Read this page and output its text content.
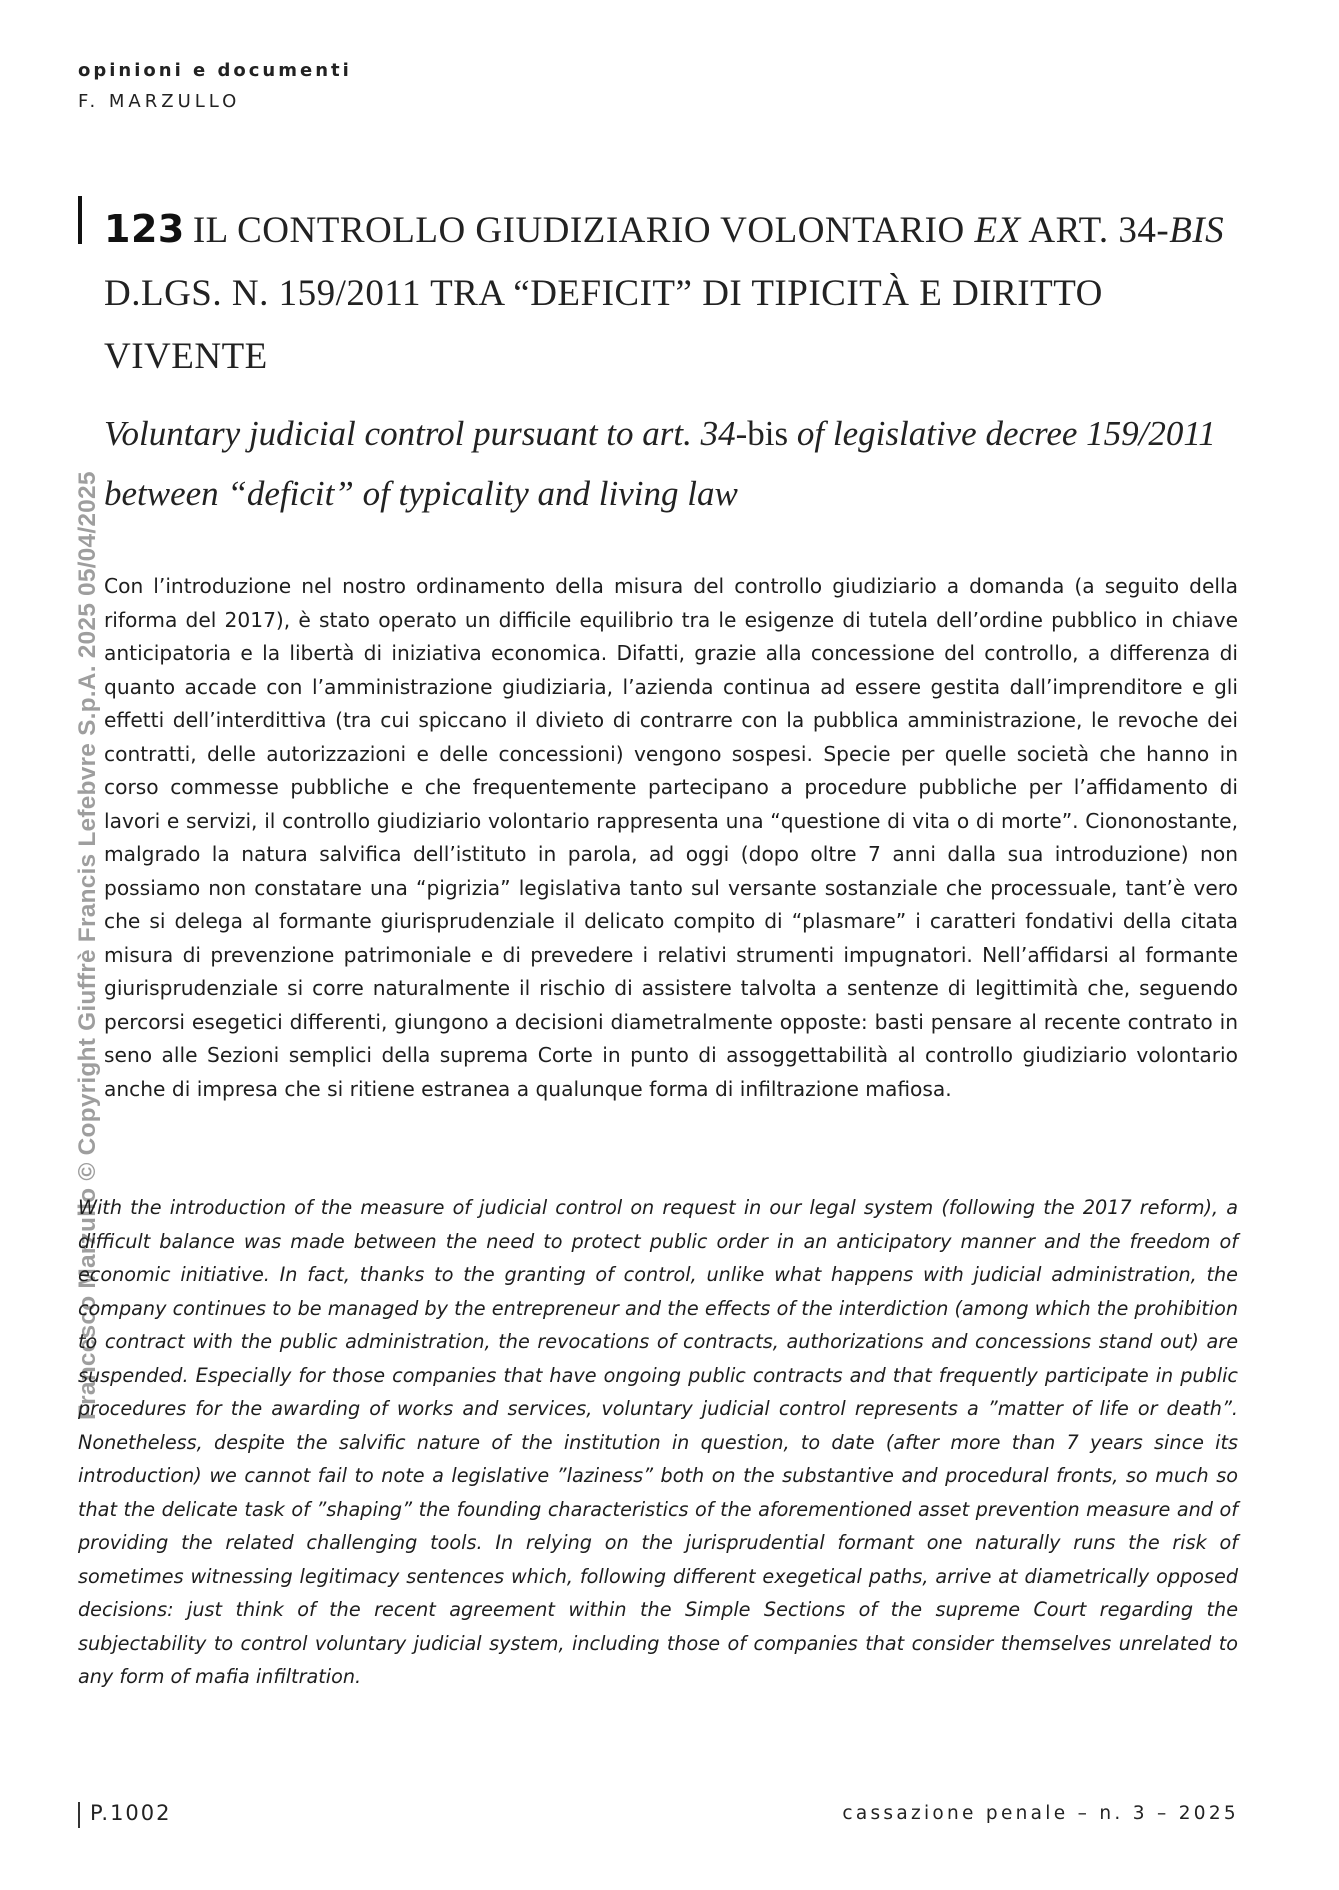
opinioni e documenti
F. MARZULLO
Francesco Marzullo © Copyright Giuffrè Francis Lefebvre S.p.A. 2025 05/04/2025
123 IL CONTROLLO GIUDIZIARIO VOLONTARIO EX ART. 34-BIS D.LGS. N. 159/2011 TRA “DEFICIT” DI TIPICITÀ E DIRITTO VIVENTE
Voluntary judicial control pursuant to art. 34-bis of legislative decree 159/2011 between “deficit” of typicality and living law
Con l’introduzione nel nostro ordinamento della misura del controllo giudiziario a domanda (a seguito della riforma del 2017), è stato operato un difficile equilibrio tra le esigenze di tutela dell’ordine pubblico in chiave anticipatoria e la libertà di iniziativa economica. Difatti, grazie alla concessione del controllo, a differenza di quanto accade con l’amministrazione giudiziaria, l’azienda continua ad essere gestita dall’imprenditore e gli effetti dell’interdittiva (tra cui spiccano il divieto di contrarre con la pubblica amministrazione, le revoche dei contratti, delle autorizzazioni e delle concessioni) vengono sospesi. Specie per quelle società che hanno in corso commesse pubbliche e che frequentemente partecipano a procedure pubbliche per l’affidamento di lavori e servizi, il controllo giudiziario volontario rappresenta una “questione di vita o di morte”. Ciononostante, malgrado la natura salvifica dell’istituto in parola, ad oggi (dopo oltre 7 anni dalla sua introduzione) non possiamo non constatare una “pigrizia” legislativa tanto sul versante sostanziale che processuale, tant’è vero che si delega al formante giurisprudenziale il delicato compito di “plasmare” i caratteri fondativi della citata misura di prevenzione patrimoniale e di prevedere i relativi strumenti impugnatori. Nell’affidarsi al formante giurisprudenziale si corre naturalmente il rischio di assistere talvolta a sentenze di legittimità che, seguendo percorsi esegetici differenti, giungono a decisioni diametralmente opposte: basti pensare al recente contrato in seno alle Sezioni semplici della suprema Corte in punto di assoggettabilità al controllo giudiziario volontario anche di impresa che si ritiene estranea a qualunque forma di infiltrazione mafiosa.
With the introduction of the measure of judicial control on request in our legal system (following the 2017 reform), a difficult balance was made between the need to protect public order in an anticipatory manner and the freedom of economic initiative. In fact, thanks to the granting of control, unlike what happens with judicial administration, the company continues to be managed by the entrepreneur and the effects of the interdiction (among which the prohibition to contract with the public administration, the revocations of contracts, authorizations and concessions stand out) are suspended. Especially for those companies that have ongoing public contracts and that frequently participate in public procedures for the awarding of works and services, voluntary judicial control represents a ”matter of life or death”. Nonetheless, despite the salvific nature of the institution in question, to date (after more than 7 years since its introduction) we cannot fail to note a legislative ”laziness” both on the substantive and procedural fronts, so much so that the delicate task of ”shaping” the founding characteristics of the aforementioned asset prevention measure and of providing the related challenging tools. In relying on the jurisprudential formant one naturally runs the risk of sometimes witnessing legitimacy sentences which, following different exegetical paths, arrive at diametrically opposed decisions: just think of the recent agreement within the Simple Sections of the supreme Court regarding the subjectability to control voluntary judicial system, including those of companies that consider themselves unrelated to any form of mafia infiltration.
P.1002	cassazione penale – n. 3 – 2025
